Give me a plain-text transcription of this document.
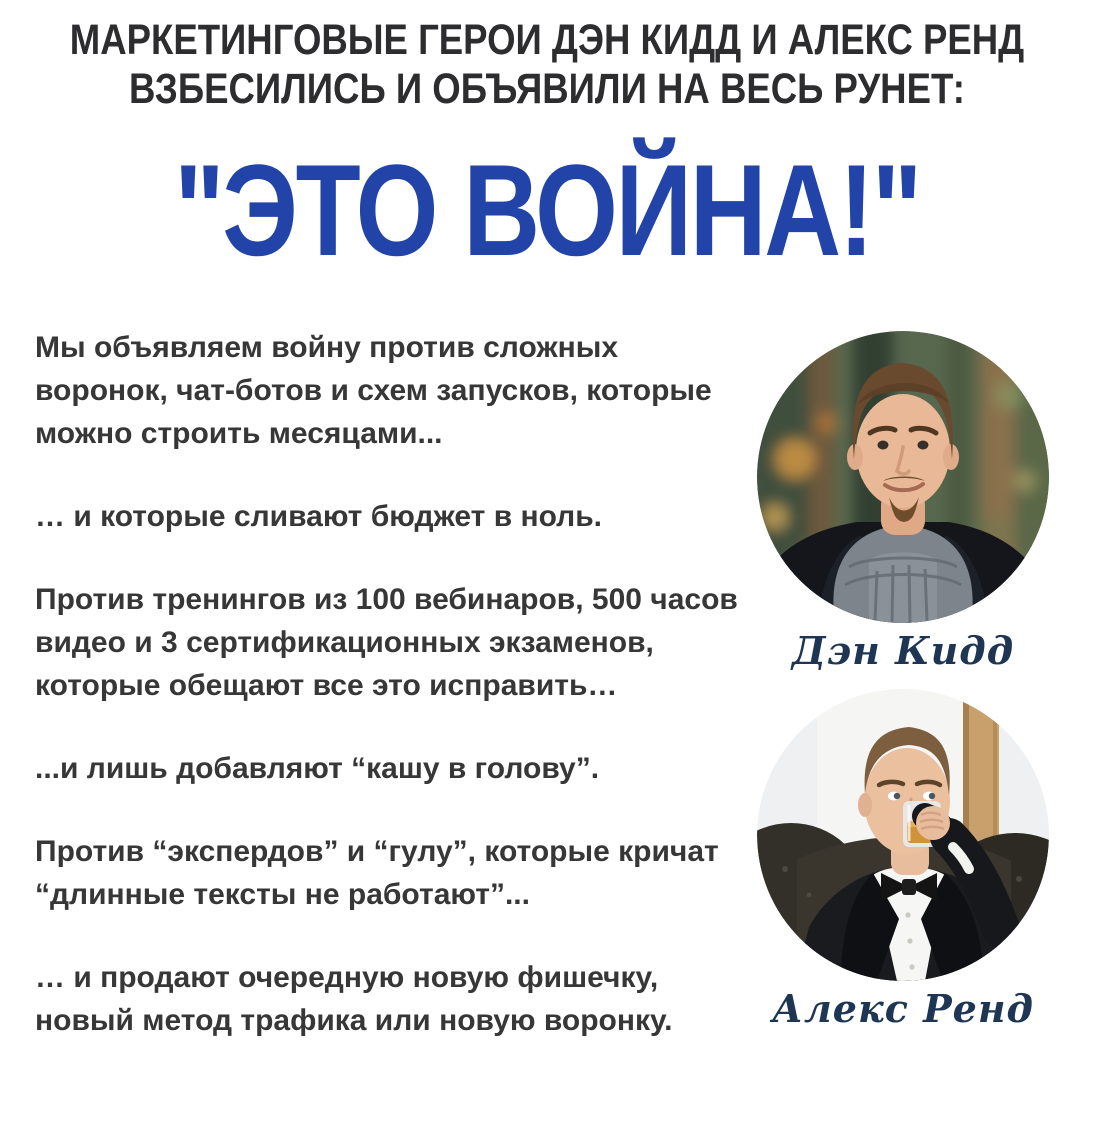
МАРКЕТИНГОВЫЕ ГЕРОИ ДЭН КИДД И АЛЕКС РЕНД ВЗБЕСИЛИСЬ И ОБЪЯВИЛИ НА ВЕСЬ РУНЕТ:
"ЭТО ВОЙНА!"

Мы объявляем войну против сложных воронок, чат-ботов и схем запусков, которые можно строить месяцами...

… и которые сливают бюджет в ноль.

Против тренингов из 100 вебинаров, 500 часов видео и 3 сертификационных экзаменов, которые обещают все это исправить…

...и лишь добавляют “кашу в голову”.

Против “экспердов” и “гулу”, которые кричат “длинные тексты не работают”...

… и продают очередную новую фишечку, новый метод трафика или новую воронку.

Дэн Кидд
Алекс Ренд
